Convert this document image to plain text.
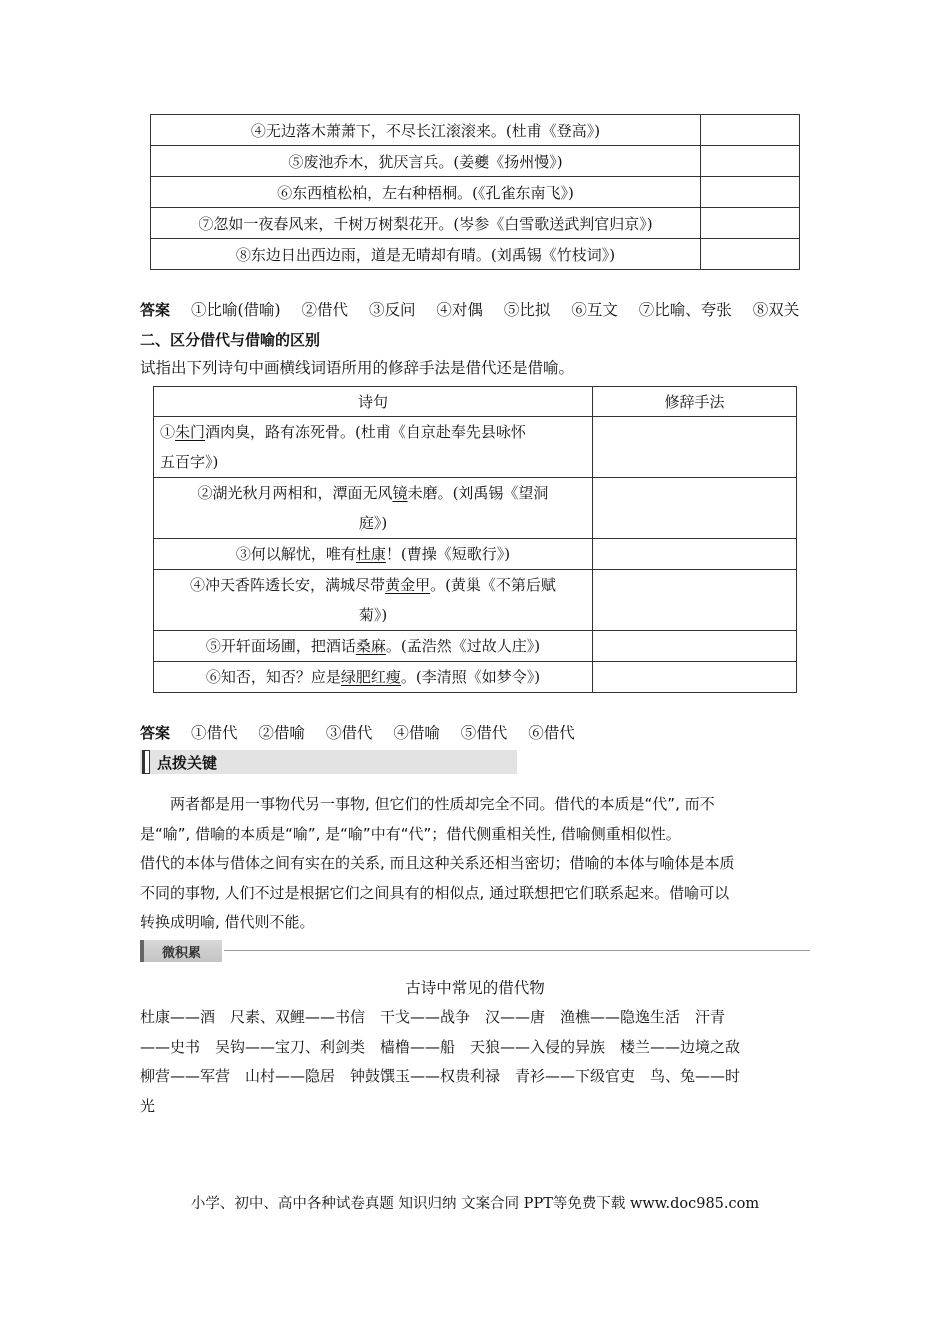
④无边落木萧萧下，不尽长江滚滚来。(杜甫《登高》)	
⑤废池乔木，犹厌言兵。(姜夔《扬州慢》)	
⑥东西植松柏，左右种梧桐。(《孔雀东南飞》)	
⑦忽如一夜春风来，千树万树梨花开。(岑参《白雪歌送武判官归京》)	
⑧东边日出西边雨，道是无晴却有晴。(刘禹锡《竹枝词》)	
答案 ①比喻(借喻) ②借代 ③反问 ④对偶 ⑤比拟 ⑥互文 ⑦比喻、夸张 ⑧双关
二、区分借代与借喻的区别
试指出下列诗句中画横线词语所用的修辞手法是借代还是借喻。
诗句	修辞手法
①朱门酒肉臭，路有冻死骨。(杜甫《自京赴奉先县咏怀
五百字》)	
②湖光秋月两相和，潭面无风镜未磨。(刘禹锡《望洞
庭》)	
③何以解忧，唯有杜康！(曹操《短歌行》)	
④冲天香阵透长安，满城尽带黄金甲。(黄巢《不第后赋
菊》)	
⑤开轩面场圃，把酒话桑麻。(孟浩然《过故人庄》)	
⑥知否，知否？应是绿肥红瘦。(李清照《如梦令》)	
答案 ①借代 ②借喻 ③借代 ④借喻 ⑤借代 ⑥借代
点拨关键

　　两者都是用一事物代另一事物, 但它们的性质却完全不同。借代的本质是“代”, 而不

是“喻”, 借喻的本质是“喻”, 是“喻”中有“代”；借代侧重相关性, 借喻侧重相似性。

借代的本体与借体之间有实在的关系, 而且这种关系还相当密切；借喻的本体与喻体是本质

不同的事物, 人们不过是根据它们之间具有的相似点, 通过联想把它们联系起来。借喻可以

转换成明喻, 借代则不能。

微积累
古诗中常见的借代物

杜康——酒　尺素、双鲤——书信　干戈——战争　汉——唐　渔樵——隐逸生活　汗青

——史书　吴钩——宝刀、利剑类　樯橹——船　天狼——入侵的异族　楼兰——边境之敌

柳营——军营　山村——隐居　钟鼓馔玉——权贵利禄　青衫——下级官吏　鸟、兔——时

光

小学、初中、高中各种试卷真题 知识归纳 文案合同 PPT等免费下载 www.doc985.com
